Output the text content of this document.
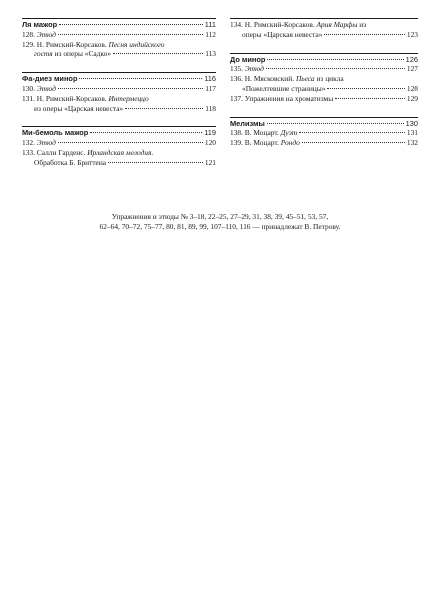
Ля мажор	111
128. Этюд	112
129. Н. Римский-Корсаков. Песня индийского
гостя из оперы «Садко»	113
Фа-диез минор	116
130. Этюд	117
131. Н. Римский-Корсаков. Интермеццо
из оперы «Царская невеста»	118
Ми-бемоль мажор	119
132. Этюд	120
133. Салли Гарденс. Ирландская мелодия.
Обработка Б. Бриттена	121
134. Н. Римский-Корсаков. Ария Марфы из
оперы «Царская невеста»	123
До минор	126
135. Этюд	127
136. Н. Мясковский. Пьеса из цикла
«Пожелтевшие страницы»	128
137. Упражнения на хроматизмы	129
Мелизмы	130
138. В. Моцарт. Дуэт	131
139. В. Моцарт. Рондо	132
Упражнения и этюды № 3–18, 22–25, 27–29, 31, 38, 39, 45–51, 53, 57,
62–64, 70–72, 75–77, 80, 81, 89, 99, 107–110, 116 — принадлежат В. Петрову.
